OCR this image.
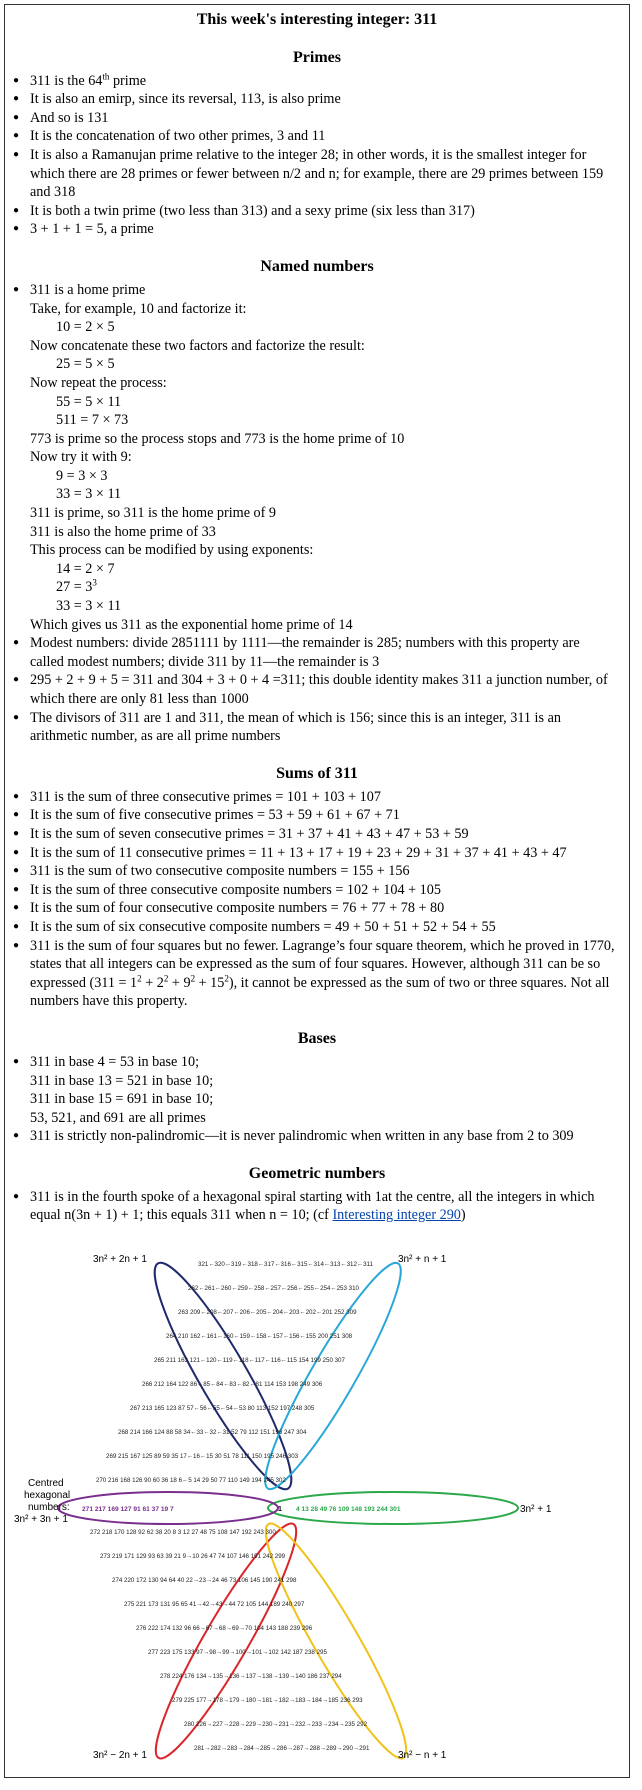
This week's interesting integer: 311
Primes
● 311 is the 64th prime
● It is also an emirp, since its reversal, 113, is also prime
● And so is 131
● It is the concatenation of two other primes, 3 and 11
● It is also a Ramanujan prime relative to the integer 28; in other words, it is the smallest integer for which there are 28 primes or fewer between n/2 and n; for example, there are 29 primes between 159 and 318
● It is both a twin prime (two less than 313) and a sexy prime (six less than 317)
● 3 + 1 + 1 = 5, a prime
Named numbers
● 311 is a home prime
Take, for example, 10 and factorize it:
10 = 2 × 5
Now concatenate these two factors and factorize the result:
25 = 5 × 5
Now repeat the process:
55 = 5 × 11
511 = 7 × 73
773 is prime so the process stops and 773 is the home prime of 10
Now try it with 9:
9 = 3 × 3
33 = 3 × 11
311 is prime, so 311 is the home prime of 9
311 is also the home prime of 33
This process can be modified by using exponents:
14 = 2 × 7
$27 = 3^3$
33 = 3 × 11
Which gives us 311 as the exponential home prime of 14
● Modest numbers: divide 2851111 by 1111—the remainder is 285; numbers with this property are called modest numbers; divide 311 by 11—the remainder is 3
● 295 + 2 + 9 + 5 = 311 and 304 + 3 + 0 + 4 =311; this double identity makes 311 a junction number, of which there are only 81 less than 1000
● The divisors of 311 are 1 and 311, the mean of which is 156; since this is an integer, 311 is an arithmetic number, as are all prime numbers
Sums of 311
● 311 is the sum of three consecutive primes = 101 + 103 + 107
● It is the sum of five consecutive primes = 53 + 59 + 61 + 67 + 71
● It is the sum of seven consecutive primes = 31 + 37 + 41 + 43 + 47 + 53 + 59
● It is the sum of 11 consecutive primes = 11 + 13 + 17 + 19 + 23 + 29 + 31 + 37 + 41 + 43 + 47
● 311 is the sum of two consecutive composite numbers = 155 + 156
● It is the sum of three consecutive composite numbers = 102 + 104 + 105
● It is the sum of four consecutive composite numbers = 76 + 77 + 78 + 80
● It is the sum of six consecutive composite numbers = 49 + 50 + 51 + 52 + 54 + 55
● 311 is the sum of four squares but no fewer. Lagrange’s four square theorem, which he proved in 1770, states that all integers can be expressed as the sum of four squares. However, although 311 can be so expressed $(311 = 1^2 + 2^2 + 9^2 + 15^2)$, it cannot be expressed as the sum of two or three squares. Not all numbers have this property.
Bases
● 311 in base 4 = 53 in base 10;
311 in base 13 = 521 in base 10;
311 in base 15 = 691 in base 10;
53, 521, and 691 are all primes
● 311 is strictly non-palindromic—it is never palindromic when written in any base from 2 to 309
Geometric numbers
● 311 is in the fourth spoke of a hexagonal spiral starting with 1at the centre, all the integers in which equal n(3n + 1) + 1; this equals 311 when n = 10; (cf Interesting integer 290)
3n² + 2n + 1	3n² + n + 1
3n² + 1
Centred
hexagonal
numbers:
3n² + 3n + 1
3n² − 2n + 1	3n² − n + 1
321←320←319←318←317←316←315←314←313←312←311
262←261←260←259←258←257←256←255←254←253 310
263 209←208←207←206←205←204←203←202←201 252 309
264 210 162←161←160←159←158←157←156←155 200 251 308
265 211 163 121←120←119←118←117←116←115 154 199 250 307
266 212 164 122 86←85←84←83←82←81 114 153 198 249 306
267 213 165 123 87 57←56←55←54←53 80 113 152 197 248 305
268 214 166 124 88 58 34←33←32←31 52 79 112 151 196 247 304
269 215 167 125 89 59 35 17←16←15 30 51 78 111 150 195 246 303
270 216 168 126 90 60 36 18 6←5 14 29 50 77 110 149 194 245 302
271 217 169 127 91 61 37 19 7	1 4 13 28 49 76 109 148 193 244 301
272 218 170 128 92 62 38 20 8 3 12 27 48 75 108 147 192 243 300
273 219 171 129 93 63 39 21 9→10 26 47 74 107 146 191 242 299
274 220 172 130 94 64 40 22→23→24 46 73 106 145 190 241 298
275 221 173 131 95 65 41→42→43→44 72 105 144 189 240 297
276 222 174 132 96 66→67→68→69→70 104 143 188 239 296
277 223 175 133 97→98→99→100→101→102 142 187 238 295
278 224 176 134→135→136→137→138→139→140 186 237 294
279 225 177→178→179→180→181→182→183→184→185 236 293
280 226→227→228→229→230→231→232→233→234→235 292
281→282→283→284→285→286→287→288→289→290→291
